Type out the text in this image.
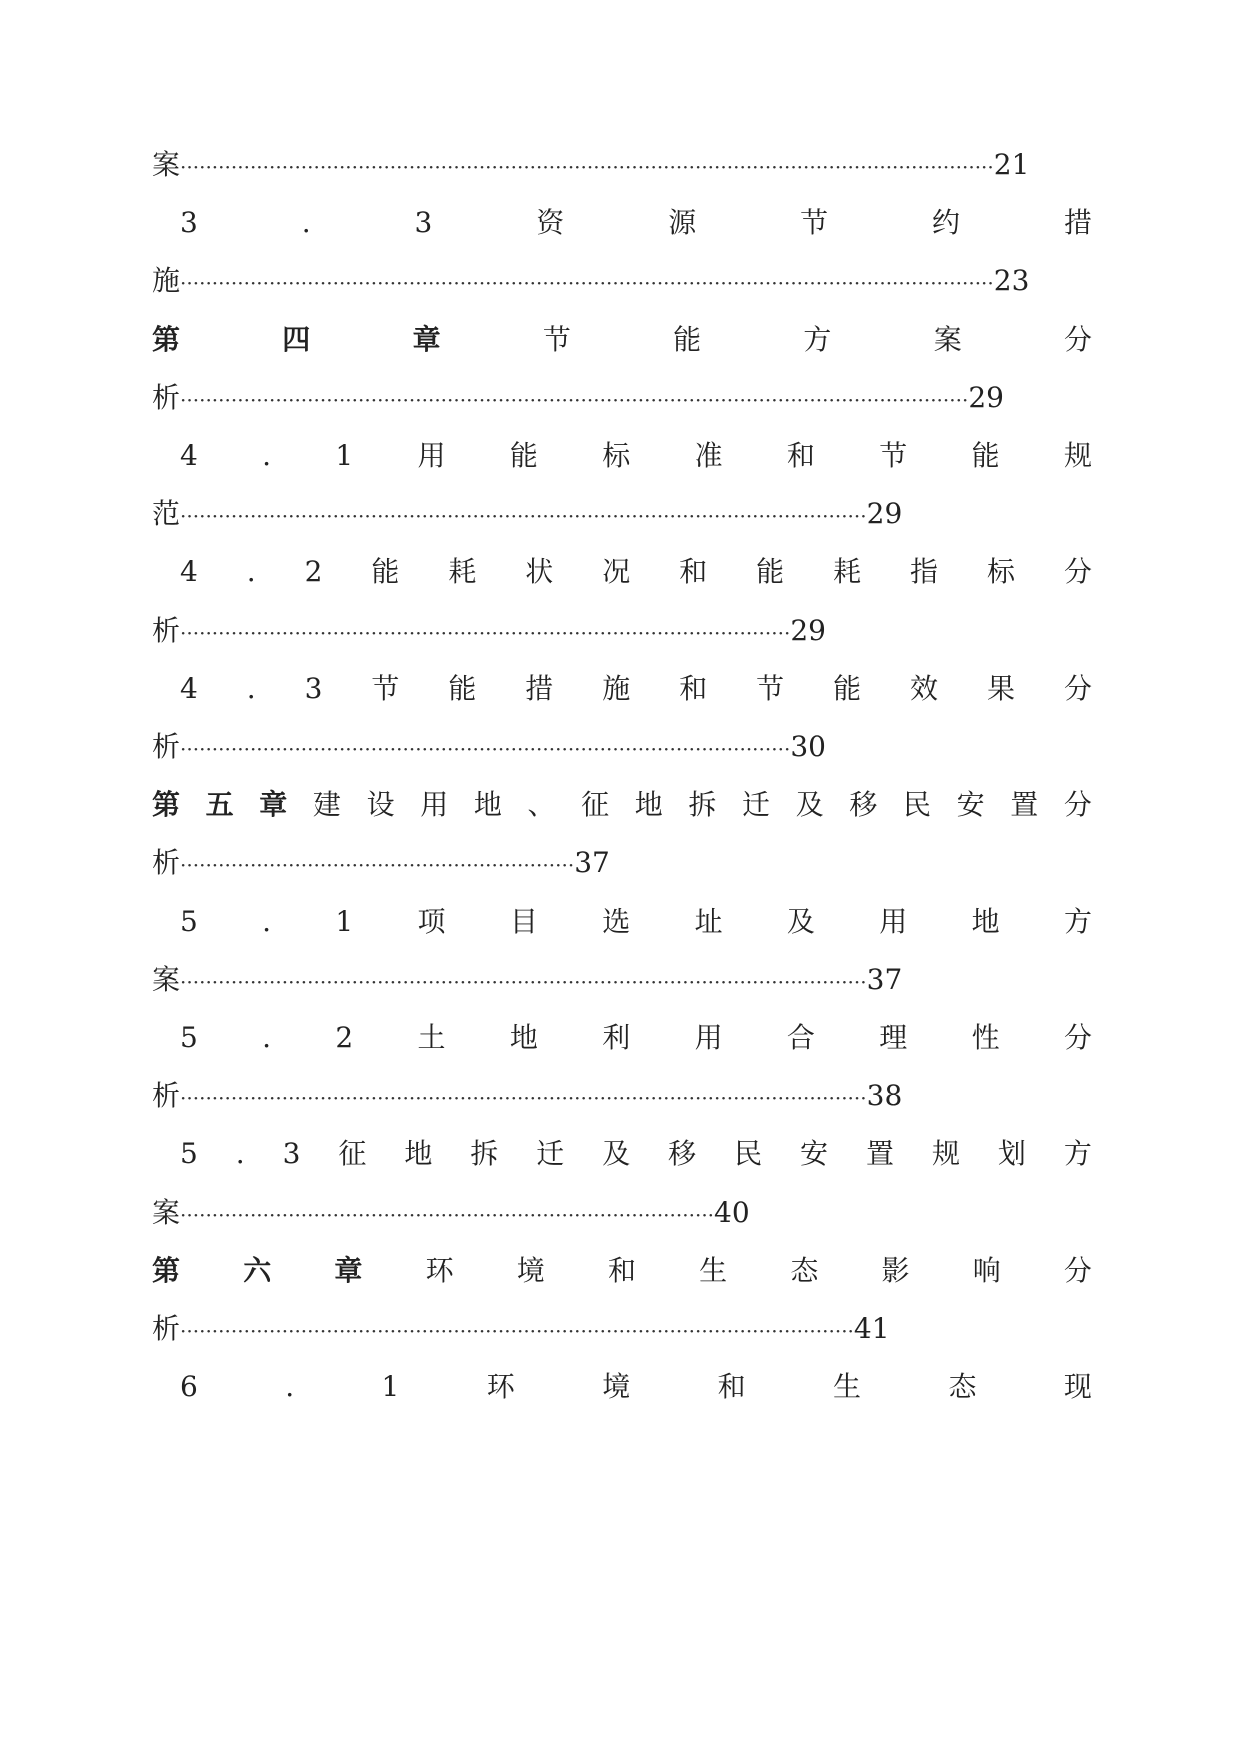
案································································································································21
3	.	3	资	源	节	约	措
施································································································································23
第	四	章	节	能	方	案	分
析····························································································································29
4 . 1 用 能 标 准 和 节 能 规
范············································································································29
4 . 2 能 耗 状 况 和 能 耗 指 标 分
析································································································29
4 . 3 节 能 措 施 和 节 能 效 果 分
析································································································30
第 五 章 建 设 用 地 、 征 地 拆 迁 及 移 民 安 置 分
析······························································37
5 . 1 项 目 选 址 及 用 地 方
案············································································································37
5 . 2 土 地 利 用 合 理 性 分
析············································································································38
5 . 3 征 地 拆 迁 及 移 民 安 置 规 划 方
案····················································································40
第 六 章 环 境 和 生 态 影 响 分
析··········································································································41
6	.	1	环	境	和	生	态	现
